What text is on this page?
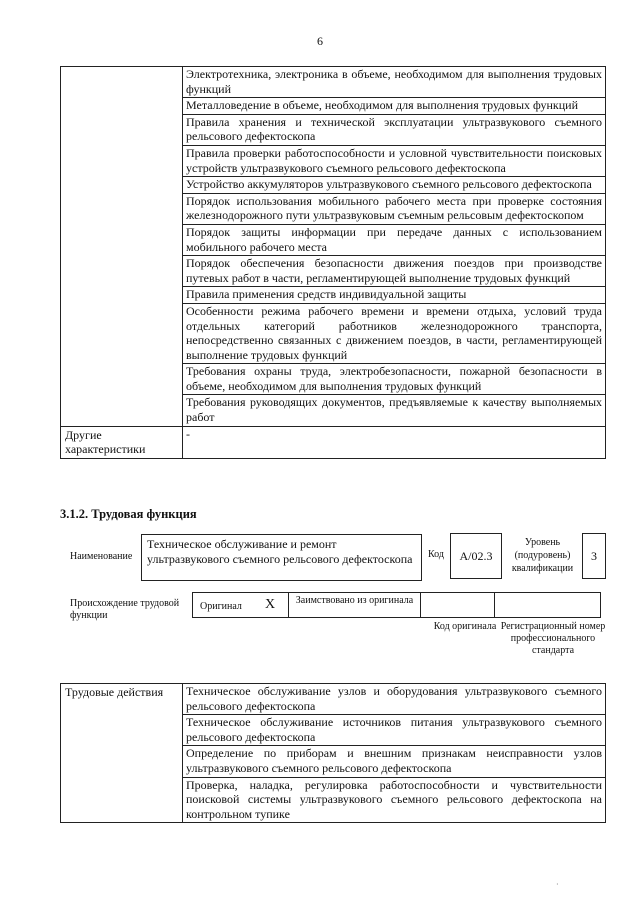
6
	Электротехника, электроника в объеме, необходимом для выполнения трудовых функций
	Металловедение в объеме, необходимом для выполнения трудовых функций
	Правила хранения и технической эксплуатации ультразвукового съемного рельсового дефектоскопа
	Правила проверки работоспособности и условной чувствительности поисковых устройств ультразвукового съемного рельсового дефектоскопа
	Устройство аккумуляторов ультразвукового съемного рельсового дефектоскопа
	Порядок использования мобильного рабочего места при проверке состояния железнодорожного пути ультразвуковым съемным рельсовым дефектоскопом
	Порядок защиты информации при передаче данных с использованием мобильного рабочего места
	Порядок обеспечения безопасности движения поездов при производстве путевых работ в части, регламентирующей выполнение трудовых функций
	Правила применения средств индивидуальной защиты
	Особенности режима рабочего времени и времени отдыха, условий труда отдельных категорий работников железнодорожного транспорта, непосредственно связанных с движением поездов, в части, регламентирующей выполнение трудовых функций
	Требования охраны труда, электробезопасности, пожарной безопасности в объеме, необходимом для выполнения трудовых функций
	Требования руководящих документов, предъявляемые к качеству выполняемых работ
Другие характеристики	-
3.1.2. Трудовая функция
Наименование
Техническое обслуживание и ремонт ультразвукового съемного рельсового дефектоскопа	Код	A/02.3
Уровень (подуровень) квалификации
3
Происхождение трудовой функции
Оригинал X	Заимствовано из оригинала
Код оригинала Регистрационный номер профессионального стандарта
Трудовые действия	Техническое обслуживание узлов и оборудования ультразвукового съемного рельсового дефектоскопа
Техническое обслуживание источников питания ультразвукового съемного рельсового дефектоскопа
Определение по приборам и внешним признакам неисправности узлов ультразвукового съемного рельсового дефектоскопа
Проверка, наладка, регулировка работоспособности и чувствительности поисковой системы ультразвукового съемного рельсового дефектоскопа на контрольном тупике
·
